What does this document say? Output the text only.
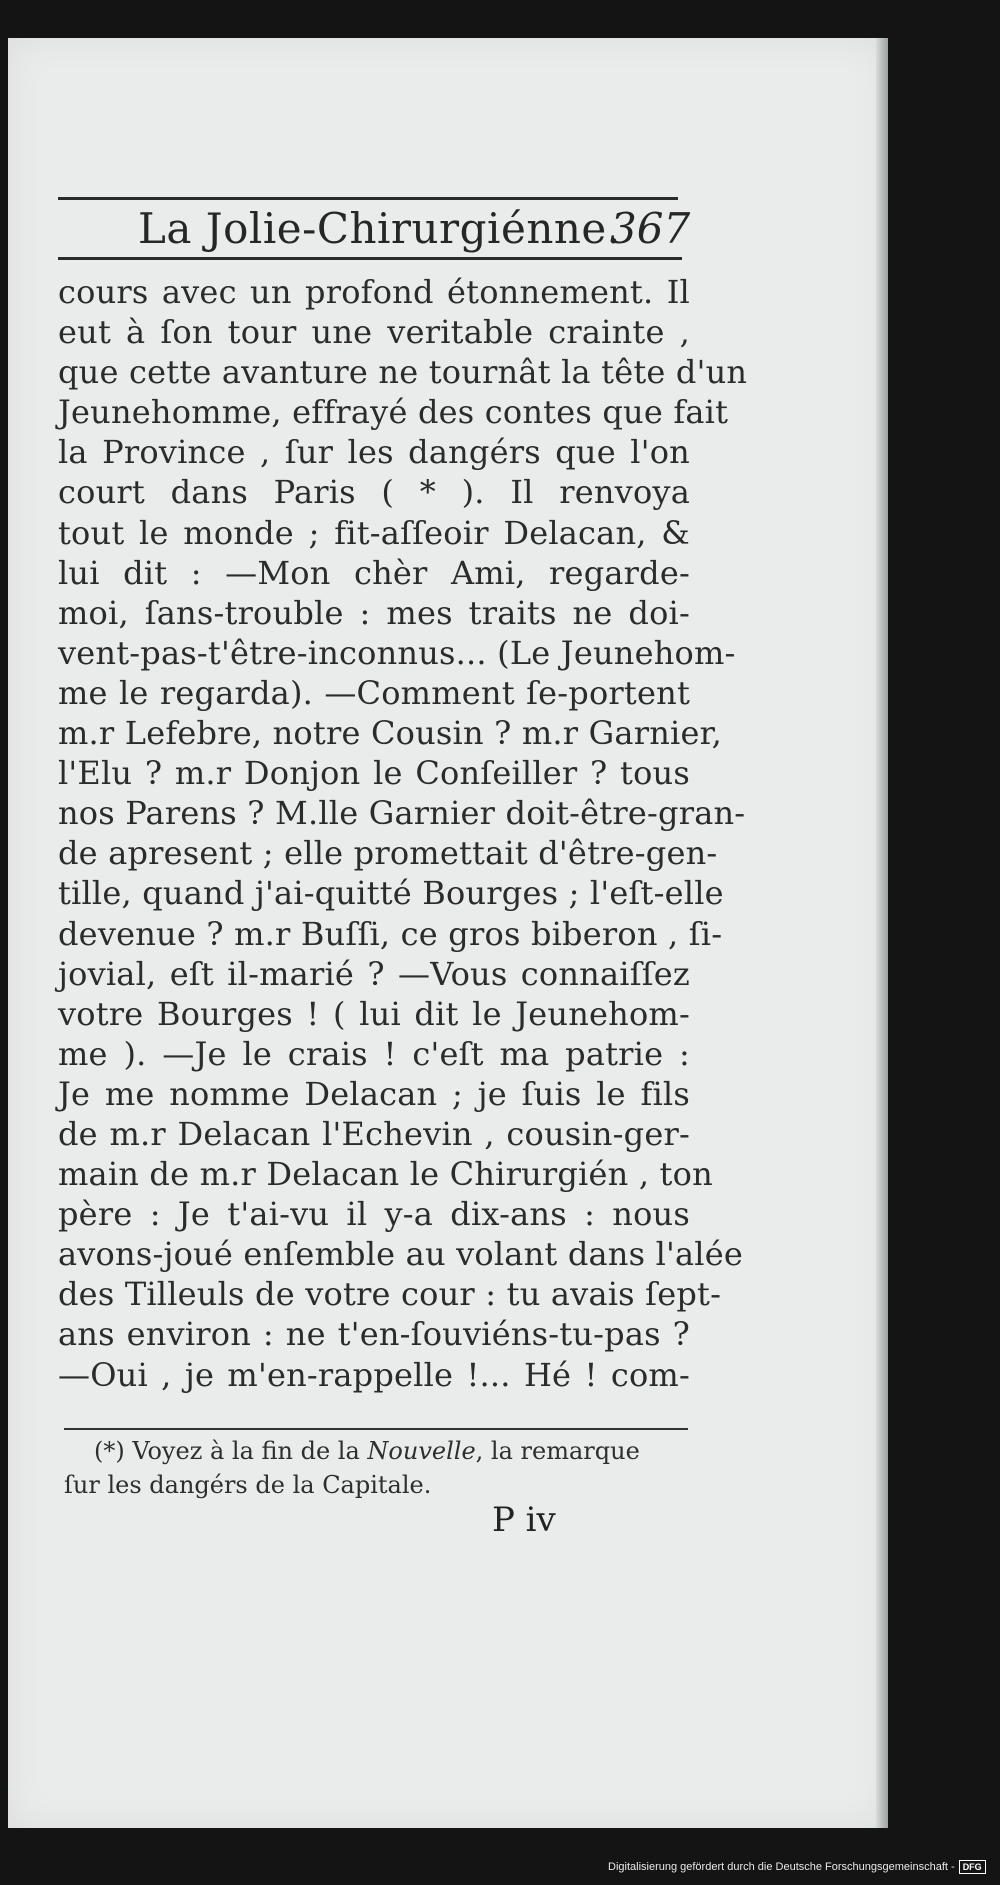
La Jolie-Chirurgiénne.
367
cours avec un profond étonnement. Il
eut à ſon tour une veritable crainte ,
que cette avanture ne tournât la tête d'un
Jeunehomme, effrayé des contes que fait
la Province , ſur les dangérs que l'on
court dans Paris ( * ). Il renvoya
tout le monde ; fit-aſſeoir Delacan, &
lui dit : —Mon chèr Ami, regarde-
moi, ſans-trouble : mes traits ne doi-
vent-pas-t'être-inconnus... (Le Jeunehom-
me le regarda). —Comment ſe-portent
m.r Lefebre, notre Cousin ? m.r Garnier,
l'Elu ? m.r Donjon le Conſeiller ? tous
nos Parens ? M.lle Garnier doit-être-gran-
de apresent ; elle promettait d'être-gen-
tille, quand j'ai-quitté Bourges ; l'eſt-elle
devenue ? m.r Buſſi, ce gros biberon , ſi-
jovial, eſt il-marié ? —Vous connaiſſez
votre Bourges ! ( lui dit le Jeunehom-
me ). —Je le crais ! c'eſt ma patrie :
Je me nomme Delacan ; je ſuis le fils
de m.r Delacan l'Echevin , cousin-ger-
main de m.r Delacan le Chirurgién , ton
père : Je t'ai-vu il y-a dix-ans : nous
avons-joué enſemble au volant dans l'alée
des Tilleuls de votre cour : tu avais ſept-
ans environ : ne t'en-ſouviéns-tu-pas ?
—Oui , je m'en-rappelle !... Hé ! com-
(*) Voyez à la fin de la Nouvelle, la remarque
ſur les dangérs de la Capitale.
P iv
Digitalisierung gefördert durch die Deutsche Forschungsgemeinschaft - DFG
